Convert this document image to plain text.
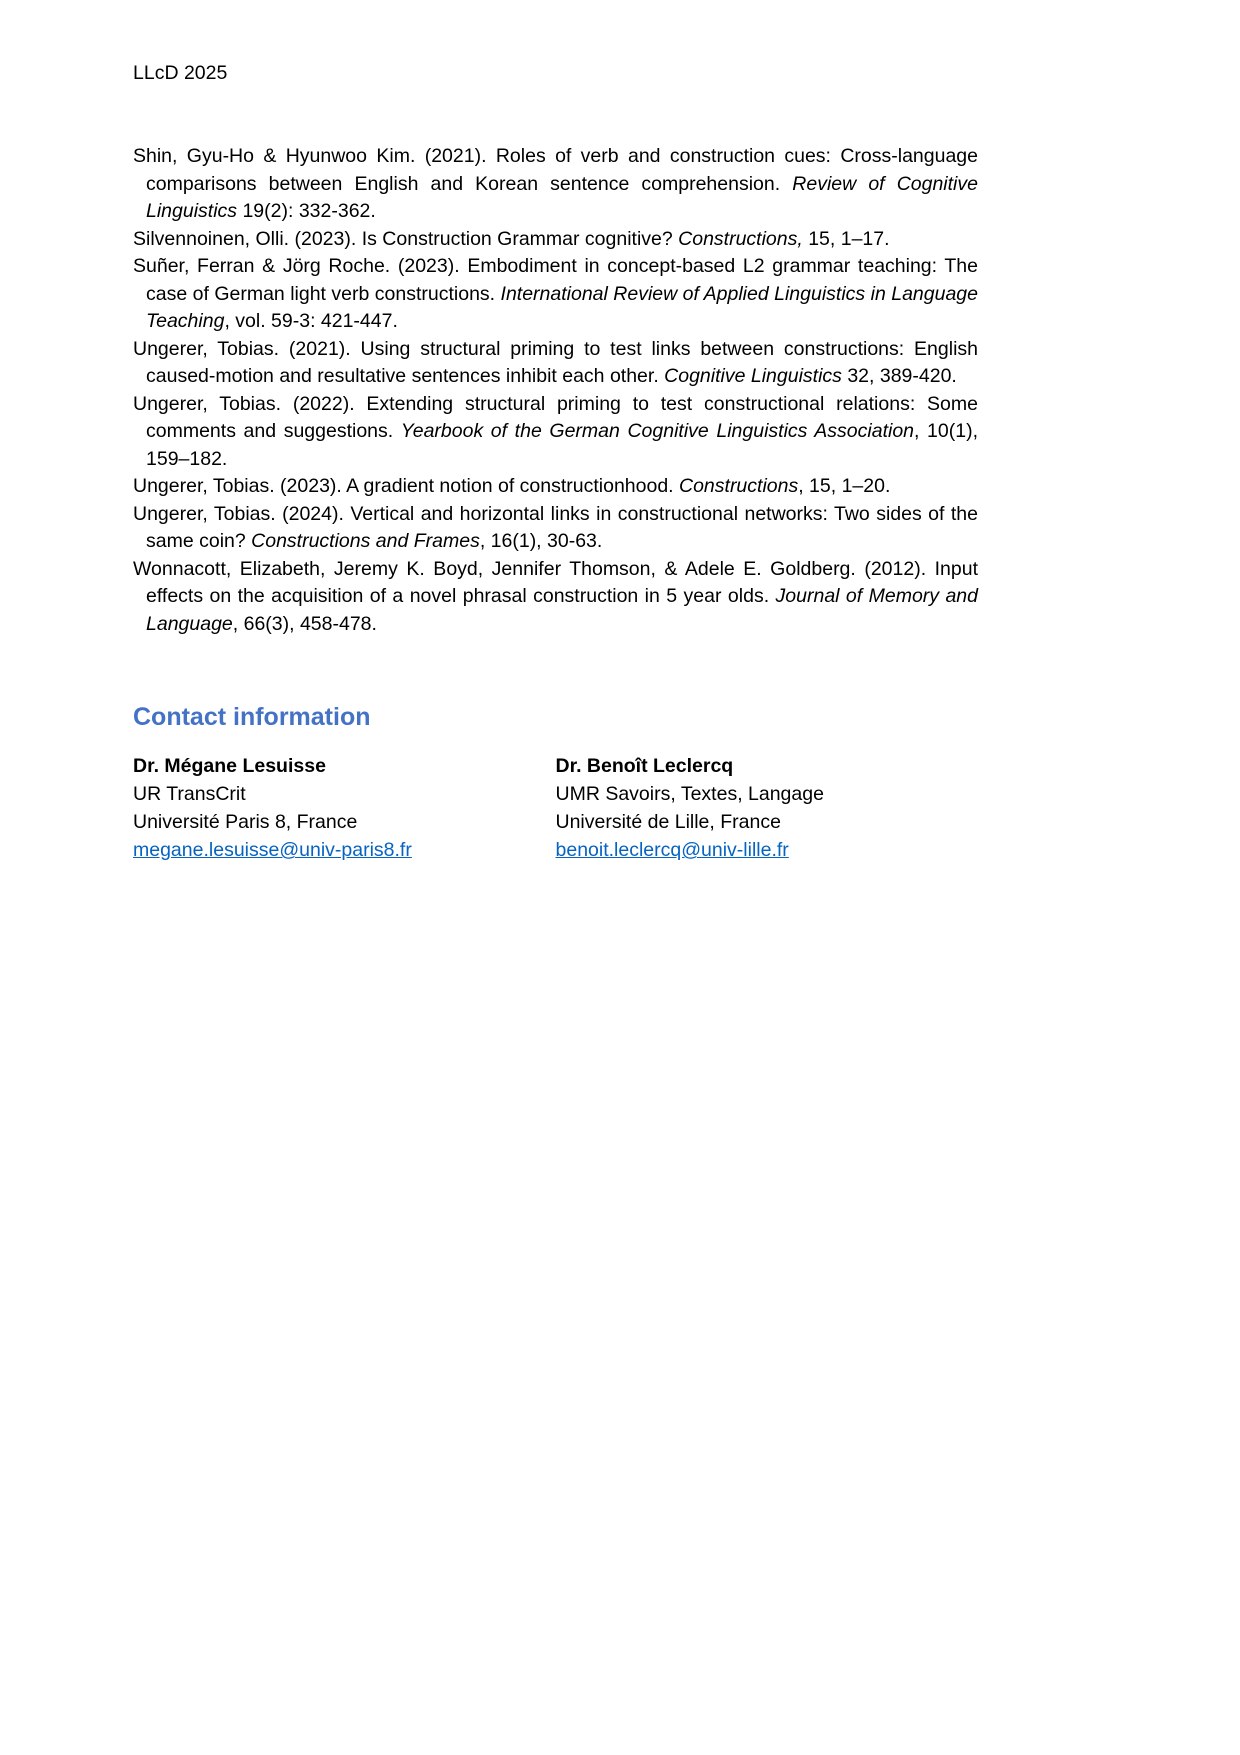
LLcD 2025

Shin, Gyu-Ho & Hyunwoo Kim. (2021). Roles of verb and construction cues: Cross-language comparisons between English and Korean sentence comprehension. Review of Cognitive Linguistics 19(2): 332-362.

Silvennoinen, Olli. (2023). Is Construction Grammar cognitive? Constructions, 15, 1–17.

Suñer, Ferran & Jörg Roche. (2023). Embodiment in concept-based L2 grammar teaching: The case of German light verb constructions. International Review of Applied Linguistics in Language Teaching, vol. 59-3: 421-447.

Ungerer, Tobias. (2021). Using structural priming to test links between constructions: English caused-motion and resultative sentences inhibit each other. Cognitive Linguistics 32, 389-420.

Ungerer, Tobias. (2022). Extending structural priming to test constructional relations: Some comments and suggestions. Yearbook of the German Cognitive Linguistics Association, 10(1), 159–182.

Ungerer, Tobias. (2023). A gradient notion of constructionhood. Constructions, 15, 1–20.

Ungerer, Tobias. (2024). Vertical and horizontal links in constructional networks: Two sides of the same coin? Constructions and Frames, 16(1), 30-63.

Wonnacott, Elizabeth, Jeremy K. Boyd, Jennifer Thomson, & Adele E. Goldberg. (2012). Input effects on the acquisition of a novel phrasal construction in 5 year olds. Journal of Memory and Language, 66(3), 458-478.

Contact information
Dr. Mégane Lesuisse
UR TransCrit
Université Paris 8, France
megane.lesuisse@univ-paris8.fr
Dr. Benoît Leclercq
UMR Savoirs, Textes, Langage
Université de Lille, France
benoit.leclercq@univ-lille.fr
